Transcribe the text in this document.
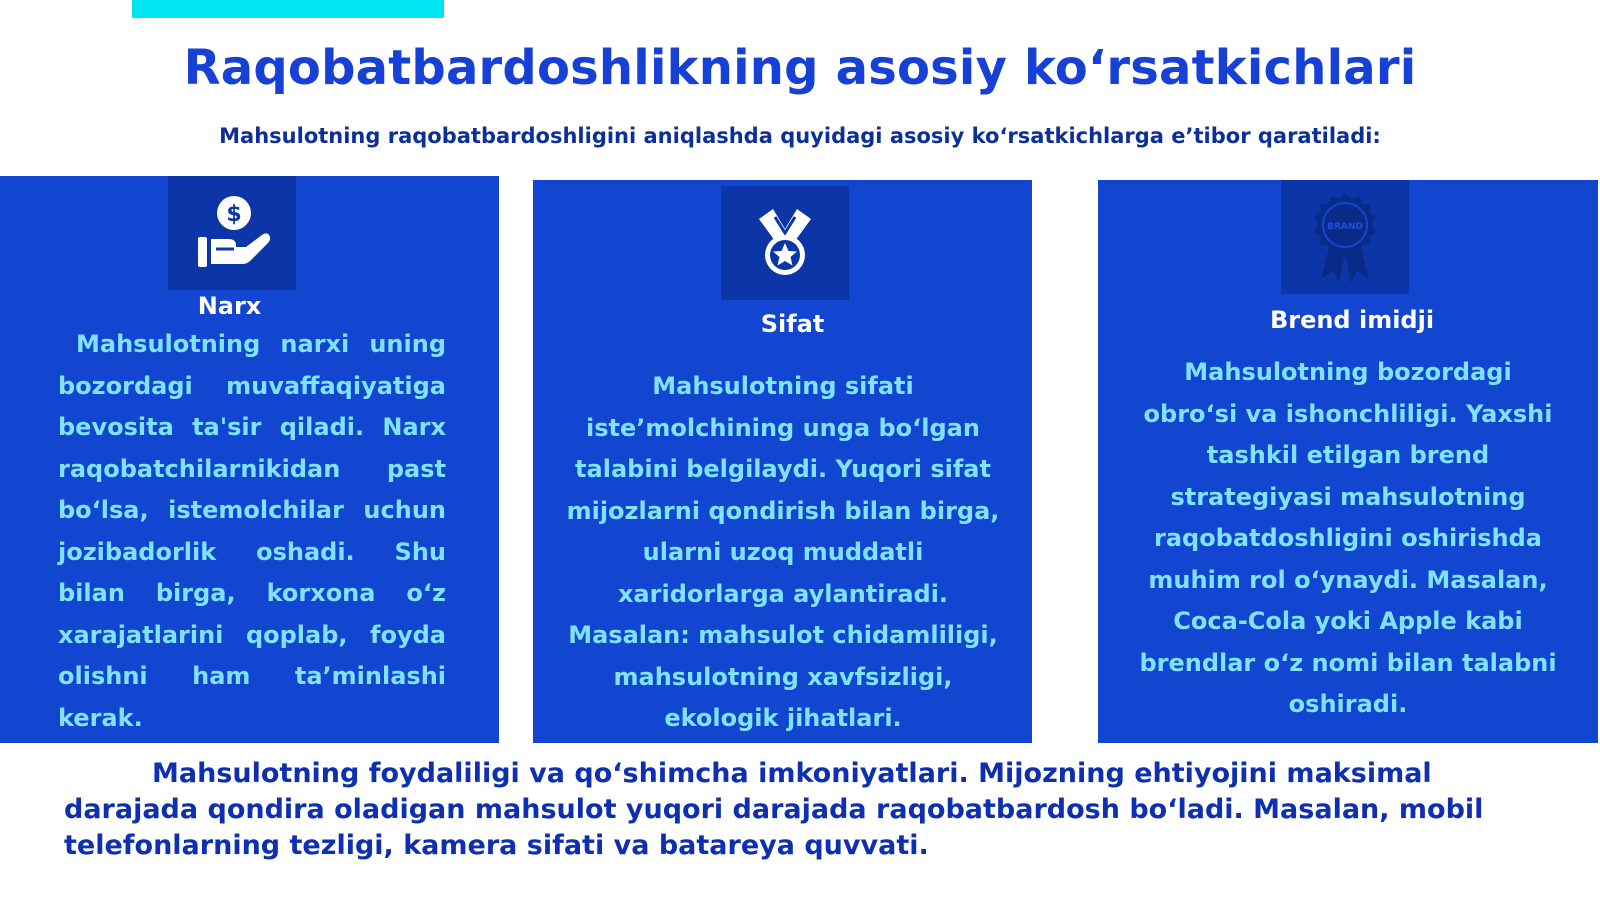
Raqobatbardoshlikning asosiy ko‘rsatkichlari

Mahsulotning raqobatbardoshligini aniqlashda quyidagi asosiy ko‘rsatkichlarga e’tibor qaratiladi:

$
Narx

Mahsulotning narxi uning bozordagi muvaffaqiyatiga bevosita ta'sir qiladi. Narx raqobatchilarnikidan past bo‘lsa, istemolchilar uchun jozibadorlik oshadi. Shu bilan birga, korxona o‘z xarajatlarini qoplab, foyda olishni ham ta’minlashi kerak.

Sifat

Mahsulotning sifati iste’molchining unga bo‘lgan talabini belgilaydi. Yuqori sifat mijozlarni qondirish bilan birga, ularni uzoq muddatli xaridorlarga aylantiradi. Masalan: mahsulot chidamliligi, mahsulotning xavfsizligi, ekologik jihatlari.

BRAND
Brend imidji

Mahsulotning bozordagi obro‘si va ishonchliligi. Yaxshi tashkil etilgan brend strategiyasi mahsulotning raqobatdoshligini oshirishda muhim rol o‘ynaydi. Masalan, Coca-Cola yoki Apple kabi brendlar o‘z nomi bilan talabni oshiradi.

Mahsulotning foydaliligi va qo‘shimcha imkoniyatlari. Mijozning ehtiyojini maksimal darajada qondira oladigan mahsulot yuqori darajada raqobatbardosh bo‘ladi. Masalan, mobil telefonlarning tezligi, kamera sifati va batareya quvvati.
